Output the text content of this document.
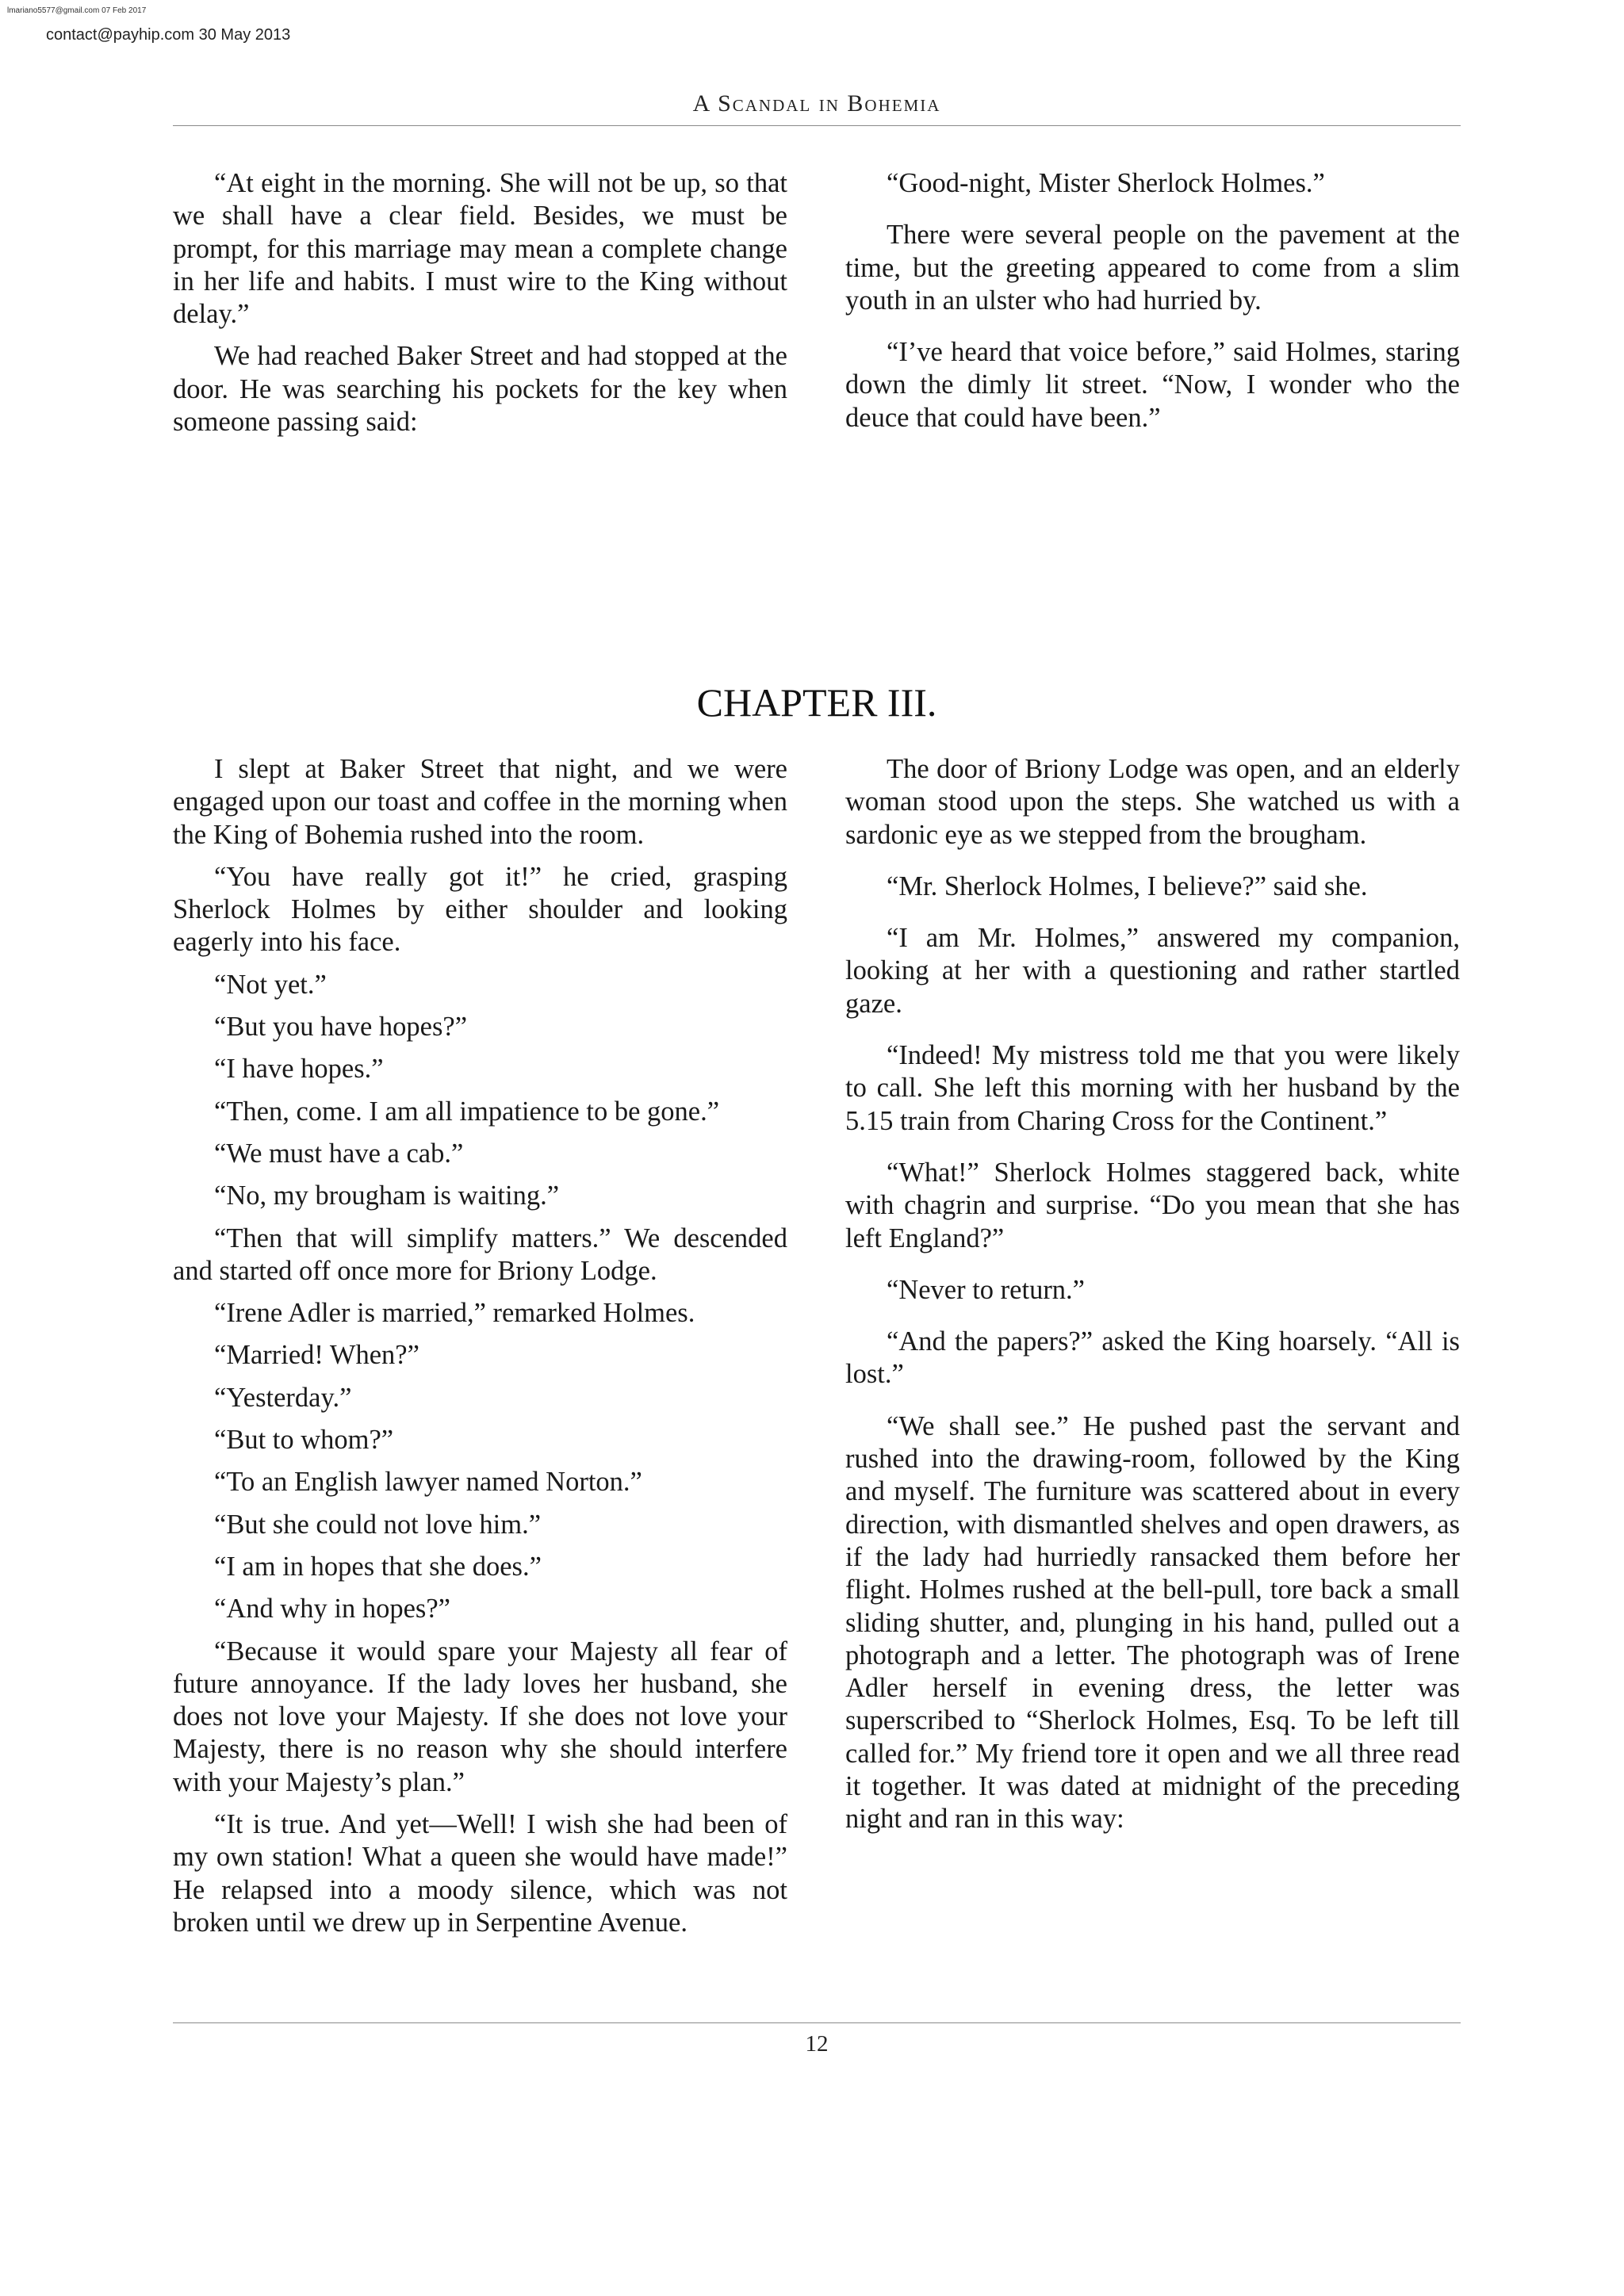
lmariano5577@gmail.com 07 Feb 2017
contact@payhip.com 30 May 2013
A Scandal in Bohemia

“At eight in the morning. She will not be up, so that we shall have a clear field. Besides, we must be prompt, for this marriage may mean a complete change in her life and habits. I must wire to the King without delay.”

We had reached Baker Street and had stopped at the door. He was searching his pockets for the key when someone passing said:

“Good-night, Mister Sherlock Holmes.”

There were several people on the pavement at the time, but the greeting appeared to come from a slim youth in an ulster who had hurried by.

“I’ve heard that voice before,” said Holmes, staring down the dimly lit street. “Now, I wonder who the deuce that could have been.”

CHAPTER III.

I slept at Baker Street that night, and we were engaged upon our toast and coffee in the morning when the King of Bohemia rushed into the room.

“You have really got it!” he cried, grasping Sherlock Holmes by either shoulder and looking eagerly into his face.

“Not yet.”

“But you have hopes?”

“I have hopes.”

“Then, come. I am all impatience to be gone.”

“We must have a cab.”

“No, my brougham is waiting.”

“Then that will simplify matters.” We descended and started off once more for Briony Lodge.

“Irene Adler is married,” remarked Holmes.

“Married! When?”

“Yesterday.”

“But to whom?”

“To an English lawyer named Norton.”

“But she could not love him.”

“I am in hopes that she does.”

“And why in hopes?”

“Because it would spare your Majesty all fear of future annoyance. If the lady loves her husband, she does not love your Majesty. If she does not love your Majesty, there is no reason why she should interfere with your Majesty’s plan.”

“It is true. And yet—Well! I wish she had been of my own station! What a queen she would have made!” He relapsed into a moody silence, which was not broken until we drew up in Serpentine Avenue.

The door of Briony Lodge was open, and an elderly woman stood upon the steps. She watched us with a sardonic eye as we stepped from the brougham.

“Mr. Sherlock Holmes, I believe?” said she.

“I am Mr. Holmes,” answered my companion, looking at her with a questioning and rather startled gaze.

“Indeed! My mistress told me that you were likely to call. She left this morning with her husband by the 5.15 train from Charing Cross for the Continent.”

“What!” Sherlock Holmes staggered back, white with chagrin and surprise. “Do you mean that she has left England?”

“Never to return.”

“And the papers?” asked the King hoarsely. “All is lost.”

“We shall see.” He pushed past the servant and rushed into the drawing-room, followed by the King and myself. The furniture was scattered about in every direction, with dismantled shelves and open drawers, as if the lady had hurriedly ransacked them before her flight. Holmes rushed at the bell-pull, tore back a small sliding shutter, and, plunging in his hand, pulled out a photograph and a letter. The photograph was of Irene Adler herself in evening dress, the letter was superscribed to “Sherlock Holmes, Esq. To be left till called for.” My friend tore it open and we all three read it together. It was dated at midnight of the preceding night and ran in this way:

12
